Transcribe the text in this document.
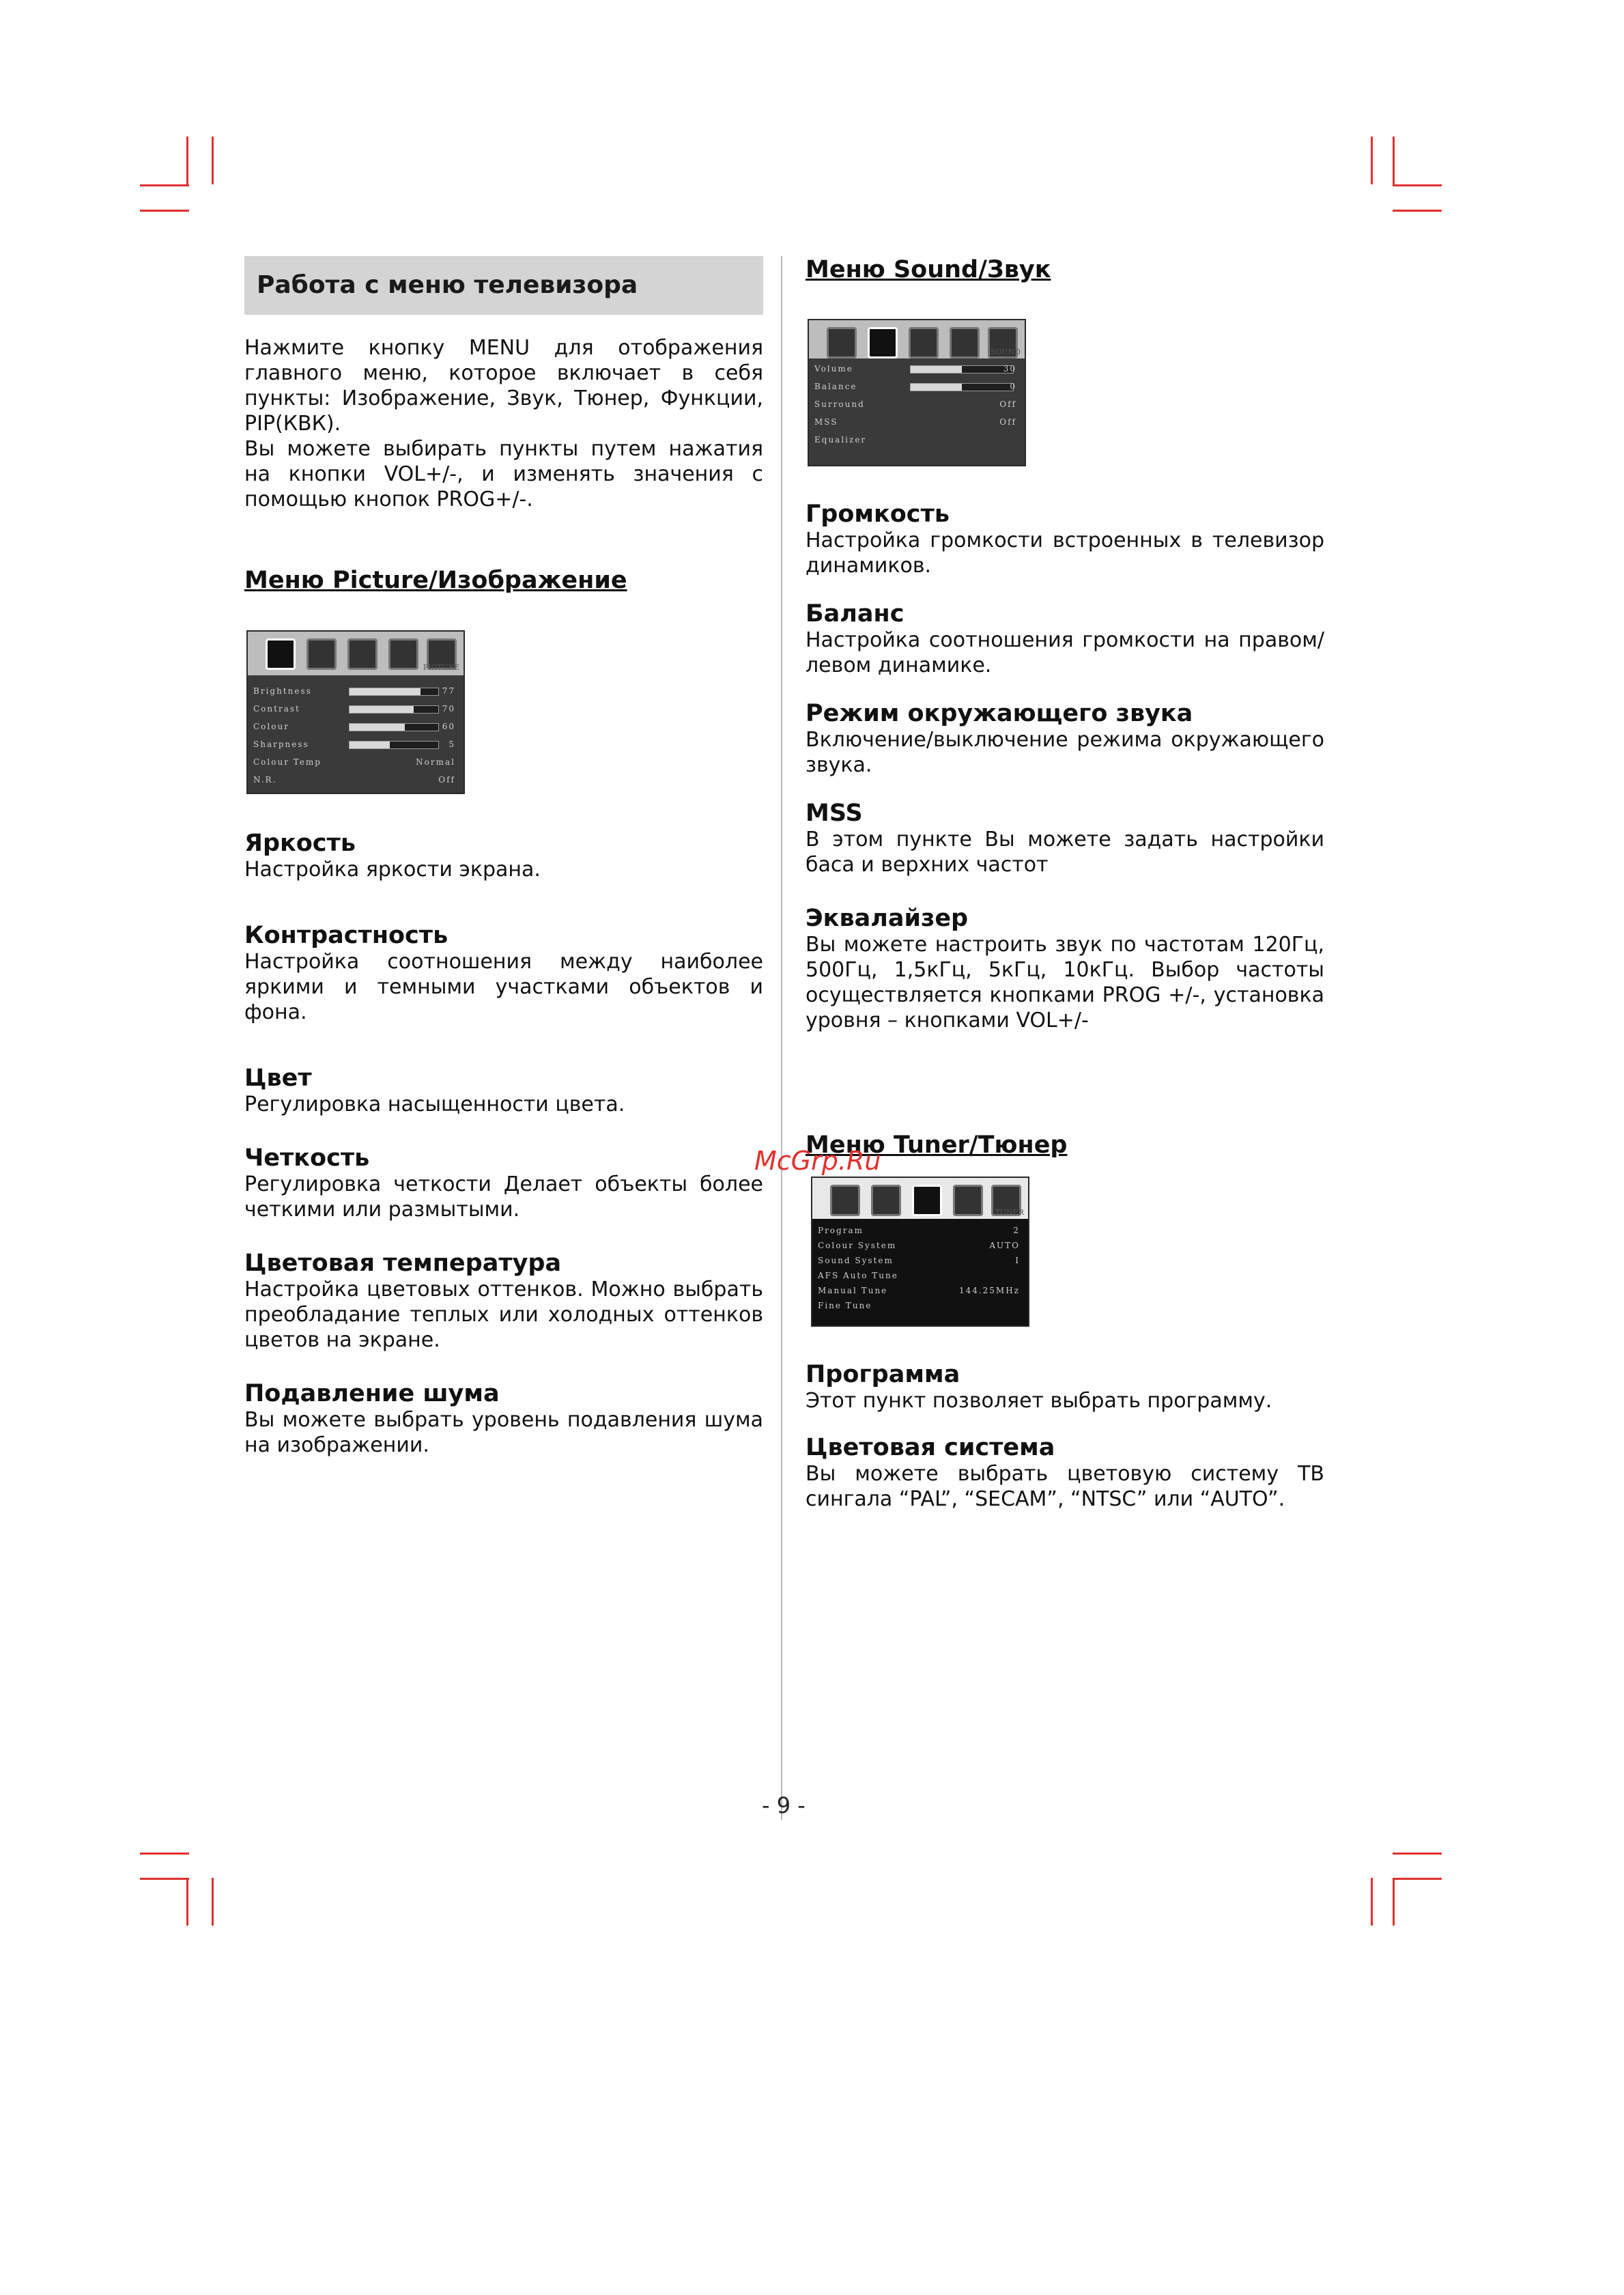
Работа с меню телевизора

Нажмите кнопку MENU для отображения главного меню, которое включает в себя пункты: Изображение, Звук, Тюнер, Функции, PIP(КВК).

Вы можете выбирать пункты путем нажатия на кнопки VOL+/-, и изменять значения с помощью кнопок PROG+/-.

Меню Picture/Изображение
PICTURE
Brightness	77
Contrast	70
Colour	60
Sharpness	5
Colour Temp	Normal
N.R.	Off
Яркость

Настройка яркости экрана.

Контрастность

Настройка соотношения между наиболее яркими и темными участками объектов и фона.

Цвет

Регулировка насыщенности цвета.

Четкость

Регулировка четкости Делает объекты более четкими или размытыми.

Цветовая температура

Настройка цветовых оттенков. Можно выбрать преобладание теплых или холодных оттенков цветов на экране.

Подавление шума

Вы можете выбрать уровень подавления шума на изображении.

Меню Sound/Звук
SOUND
Volume	30
Balance	0
Surround	Off
MSS	Off
Equalizer
Громкость

Настройка громкости встроенных в телевизор динамиков.

Баланс

Настройка соотношения громкости на правом/левом динамике.

Режим окружающего звука

Включение/выключение режима окружающего звука.

MSS

В этом пункте Вы можете задать настройки баса и верхних частот

Эквалайзер

Вы можете настроить звук по частотам 120Гц, 500Гц, 1,5кГц, 5кГц, 10кГц. Выбор частоты осуществляется кнопками PROG +/-, установка уровня – кнопками VOL+/-

Меню Tuner/Тюнер
TUNER
Program	2
Colour System	AUTO
Sound System	I
AFS Auto Tune
Manual Tune	144.25MHz
Fine Tune
Программа

Этот пункт позволяет выбрать программу.

Цветовая система

Вы можете выбрать цветовую систему ТВ сингала “PAL”, “SECAM”, “NTSC” или “AUTO”.

McGrp.Ru
- 9 -
